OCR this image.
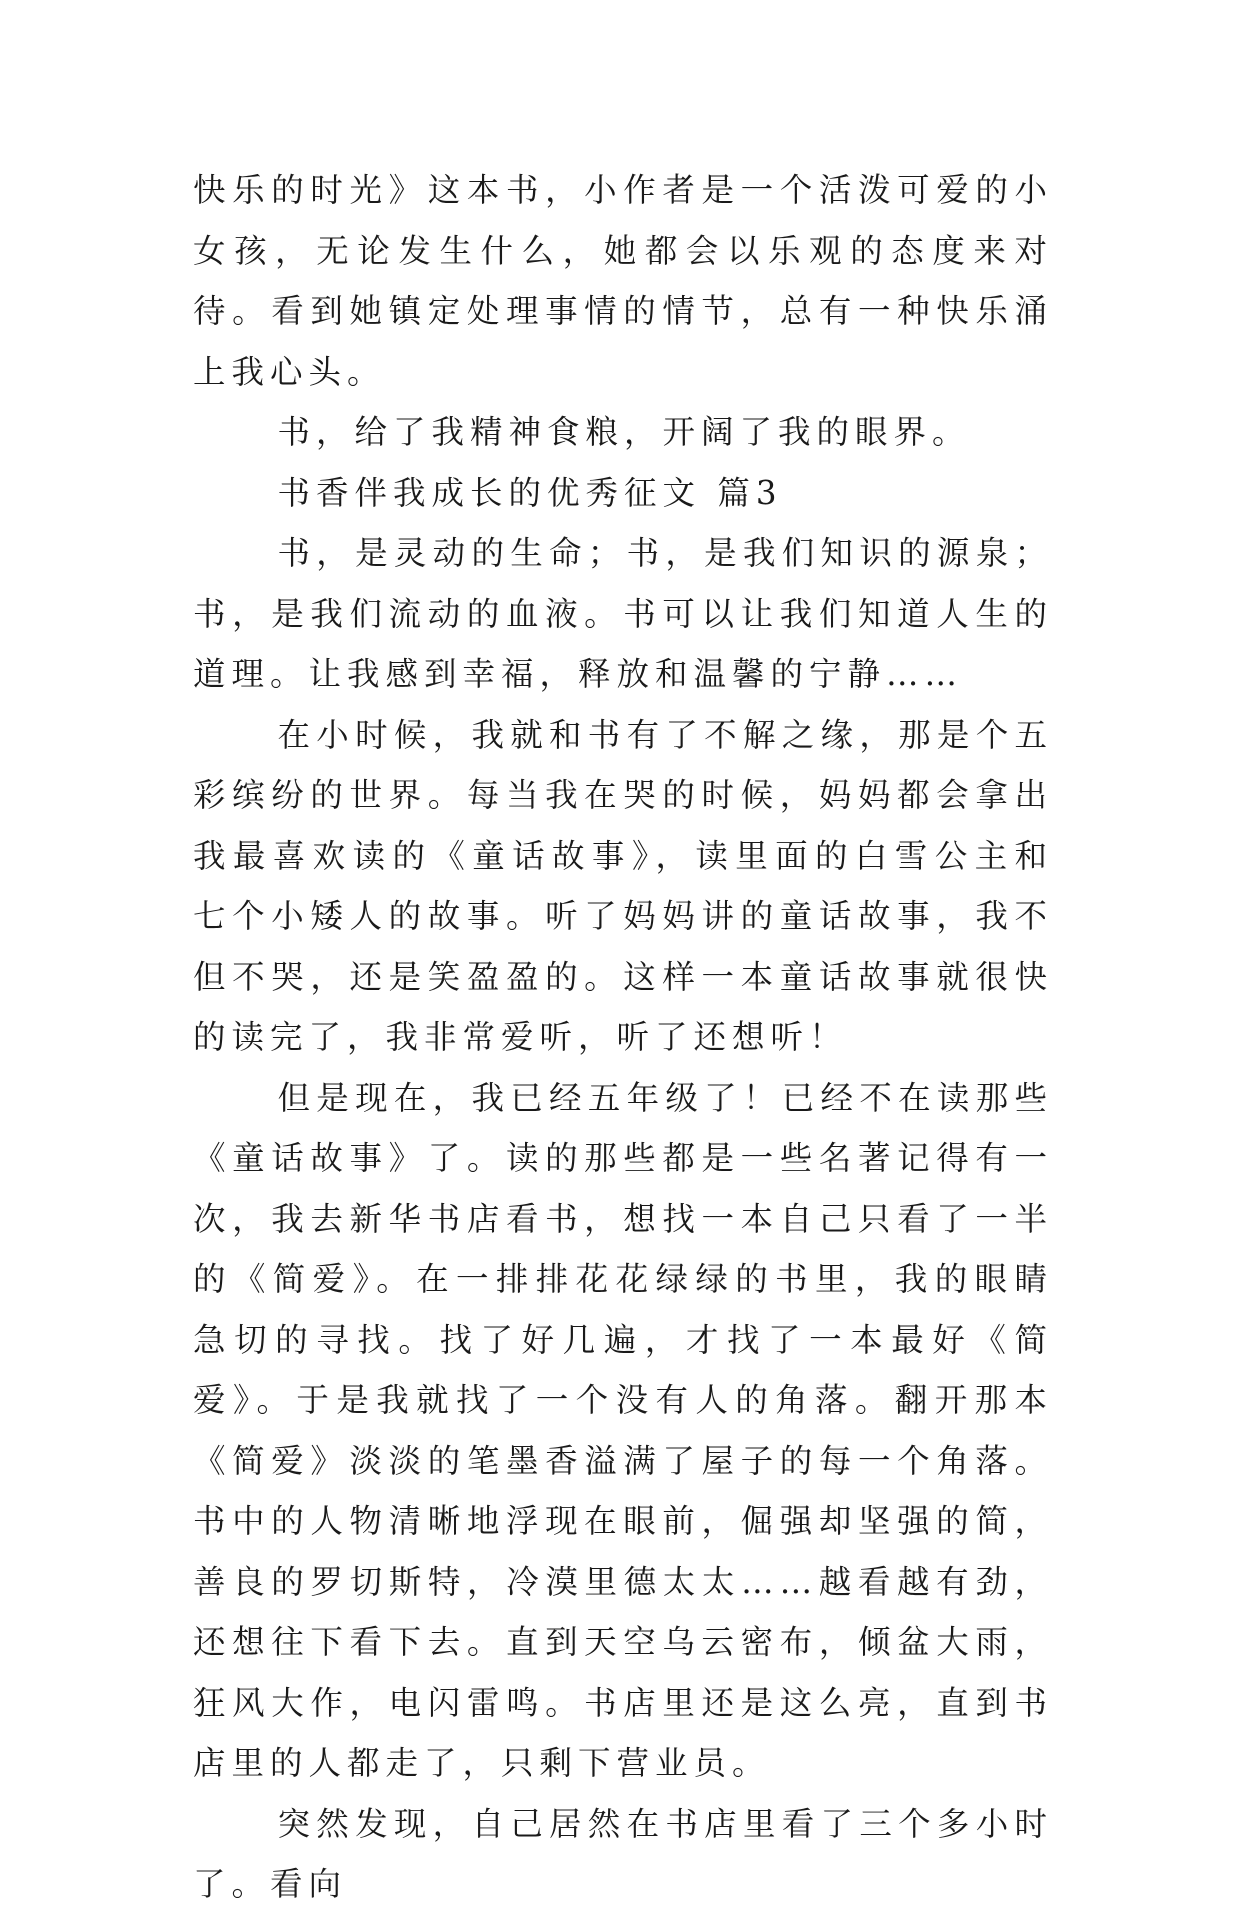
快乐的时光》这本书，小作者是一个活泼可爱的小女孩，无论发生什么，她都会以乐观的态度来对待。看到她镇定处理事情的情节，总有一种快乐涌上我心头。

书，给了我精神食粮，开阔了我的眼界。

书香伴我成长的优秀征文 篇3

书，是灵动的生命；书，是我们知识的源泉；书，是我们流动的血液。书可以让我们知道人生的道理。让我感到幸福，释放和温馨的宁静……

在小时候，我就和书有了不解之缘，那是个五彩缤纷的世界。每当我在哭的时候，妈妈都会拿出我最喜欢读的《童话故事》，读里面的白雪公主和七个小矮人的故事。听了妈妈讲的童话故事，我不但不哭，还是笑盈盈的。这样一本童话故事就很快的读完了，我非常爱听，听了还想听！

但是现在，我已经五年级了！已经不在读那些《童话故事》了。读的那些都是一些名著记得有一次，我去新华书店看书，想找一本自己只看了一半的《简爱》。在一排排花花绿绿的书里，我的眼睛急切的寻找。找了好几遍，才找了一本最好《简爱》。于是我就找了一个没有人的角落。翻开那本《简爱》淡淡的笔墨香溢满了屋子的每一个角落。书中的人物清晰地浮现在眼前，倔强却坚强的简，善良的罗切斯特，冷漠里德太太……越看越有劲，还想往下看下去。直到天空乌云密布，倾盆大雨，狂风大作，电闪雷鸣。书店里还是这么亮，直到书店里的人都走了，只剩下营业员。

突然发现，自己居然在书店里看了三个多小时了。看向
